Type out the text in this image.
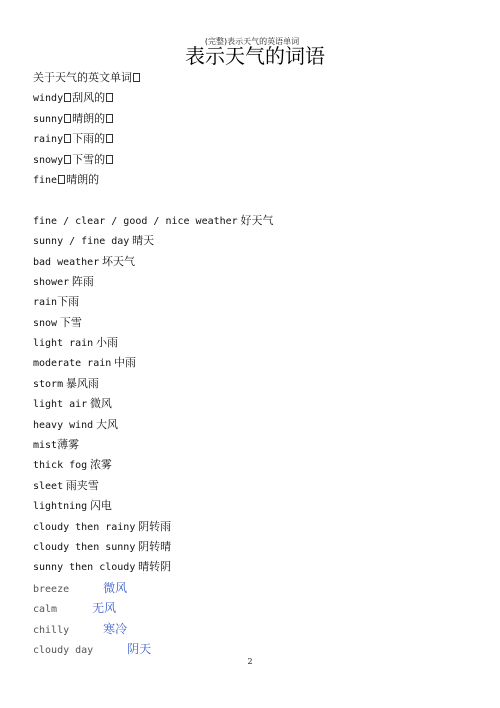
(完整)表示天气的英语单词
表示天气的词语
关于天气的英文单词
windy 刮风的
sunny 晴朗的
rainy 下雨的
snowy 下雪的
fine 晴朗的
fine / clear / good / nice weather 好天气
sunny / fine day 晴天
bad weather 坏天气
shower 阵雨
rain下雨
snow 下雪
light rain 小雨
moderate rain 中雨
storm 暴风雨
light air 微风
heavy wind 大风
mist薄雾
thick fog 浓雾
sleet 雨夹雪
lightning 闪电
cloudy then rainy 阴转雨
cloudy then sunny 阴转晴
sunny then cloudy 晴转阴
breeze	微风
calm	无风
chilly	寒冷
cloudy day	阴天
2
